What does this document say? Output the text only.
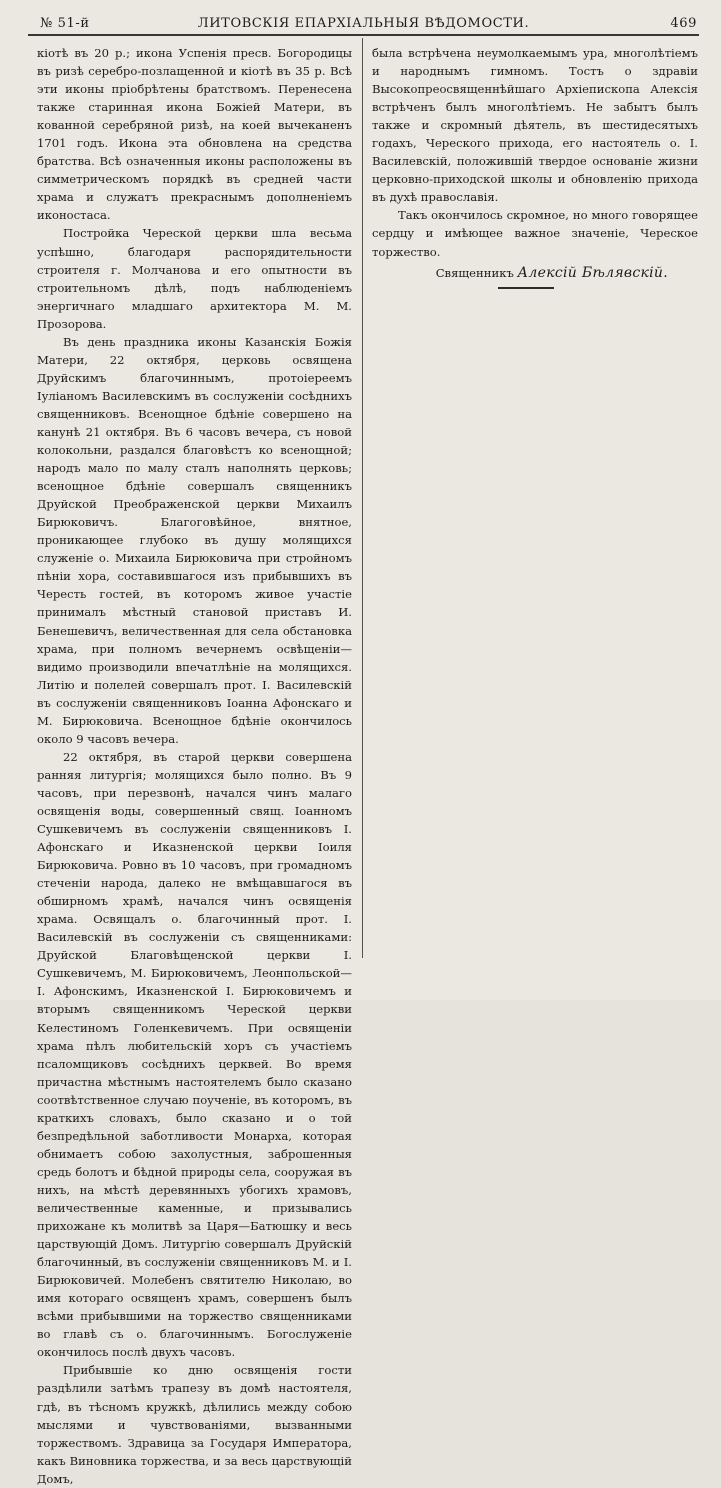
№ 51-й	ЛИТОВСКІЯ ЕПАРХІАЛЬНЫЯ ВѢДОМОСТИ.	469

кіотѣ въ 20 р.; икона Успенія пресв. Богородицы въ ризѣ серебро-позлащенной и кіотѣ въ 35 р. Всѣ эти иконы пріобрѣтены братствомъ. Перенесена также старинная икона Божіей Матери, въ кованной серебряной ризѣ, на коей вычеканенъ 1701 годъ. Икона эта обновлена на средства братства. Всѣ означенныя иконы расположены въ симметрическомъ порядкѣ въ средней части храма и служатъ прекраснымъ дополненіемъ иконостаса.

Постройка Череской церкви шла весьма успѣшно, благодаря распорядительности строителя г. Молчанова и его опытности въ строительномъ дѣлѣ, подъ наблюденіемъ энергичнаго младшаго архитектора М. М. Прозорова.

Въ день праздника иконы Казанскія Божія Матери, 22 октября, церковь освящена Друйскимъ благочиннымъ, протоіереемъ Іуліаномъ Василевскимъ въ сослуженіи сосѣднихъ священниковъ. Всенощное бдѣніе совершено на канунѣ 21 октября. Въ 6 часовъ вечера, съ новой колокольни, раздался благовѣстъ ко всенощной; народъ мало по малу сталъ наполнять церковь; всенощное бдѣніе совершалъ священникъ Друйской Преображенской церкви Михаилъ Бирюковичъ. Благоговѣйное, внятное, проникающее глубоко въ душу молящихся служеніе о. Михаила Бирюковича при стройномъ пѣніи хора, составившагося изъ прибывшихъ въ Чересть гостей, въ которомъ живое участіе принималъ мѣстный становой приставъ И. Бенешевичъ, величественная для села обстановка храма, при полномъ вечернемъ освѣщеніи—видимо производили впечатлѣніе на молящихся. Литію и полелей совершалъ прот. І. Василевскій въ сослуженіи священниковъ Іоанна Афонскаго и М. Бирюковича. Всенощное бдѣніе окончилось около 9 часовъ вечера.

22 октября, въ старой церкви совершена ранняя литургія; молящихся было полно. Въ 9 часовъ, при перезвонѣ, начался чинъ малаго освященія воды, совершенный свящ. Іоанномъ Сушкевичемъ въ сослуженіи священниковъ І. Афонскаго и Иказненской церкви Іоиля Бирюковича. Ровно въ 10 часовъ, при громадномъ стеченіи народа, далеко не вмѣщавшагося въ обширномъ храмѣ, начался чинъ освященія храма. Освящалъ о. благочинный прот. І. Василевскій въ сослуженіи съ священниками: Друйской Благовѣщенской церкви І. Сушкевичемъ, М. Бирюковичемъ, Леонпольской—І. Афонскимъ, Иказненской І. Бирюковичемъ и вторымъ священникомъ Череской церкви Келестиномъ Голенкевичемъ. При освященіи храма пѣлъ любительскій хоръ съ участіемъ псаломщиковъ сосѣднихъ церквей. Во время причастна мѣстнымъ настоятелемъ было сказано соотвѣтственное случаю поученіе, въ которомъ, въ краткихъ словахъ, было сказано и о той безпредѣльной заботливости Монарха, которая обнимаетъ собою захолустныя, заброшенныя средь болотъ и бѣдной природы села, сооружая въ нихъ, на мѣстѣ деревянныхъ убогихъ храмовъ, величественные каменные, и призывались прихожане къ молитвѣ за Царя—Батюшку и весь царствующій Домъ. Литургію совершалъ Друйскій благочинный, въ сослуженіи священниковъ М. и І. Бирюковичей. Молебенъ святителю Николаю, во имя котораго освященъ храмъ, совершенъ былъ всѣми прибывшими на торжество священниками во главѣ съ о. благочиннымъ. Богослуженіе окончилось послѣ двухъ часовъ.

Прибывшіе ко дню освященія гости раздѣлили затѣмъ трапезу въ домѣ настоятеля, гдѣ, въ тѣсномъ кружкѣ, дѣлились между собою мыслями и чувствованіями, вызванными торжествомъ. Здравица за Государя Императора, какъ Виновника торжества, и за весь царствующій Домъ,

была встрѣчена неумолкаемымъ ура, многолѣтіемъ и народнымъ гимномъ. Тостъ о здравіи Высокопреосвященнѣйшаго Архіепископа Алексія встрѣченъ былъ многолѣтіемъ. Не забытъ былъ также и скромный дѣятель, въ шестидесятыхъ годахъ, Череского прихода, его настоятель о. І. Василевскій, положившій твердое основаніе жизни церковно-приходской школы и обновленію прихода въ духѣ православія.

Такъ окончилось скромное, но много говорящее сердцу и имѣющее важное значеніе, Череское торжество.

Священникъ Алексій Бѣлявскій.
